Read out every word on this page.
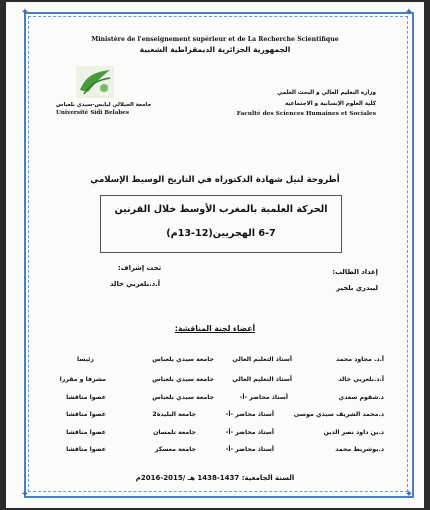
✦	✦
✦	✦
Ministère de l'enseignement supérieur et de La Recherche Scientifique
الجمهورية الجزائرية الديمقراطية الشعبية
جامعة الجيلالي ليابس-سيدي بلعباس
Université Sidi Belabes
وزارة التعليم العالي و البحث العلمي
كلية العلوم الإنسانية و الاجتماعية
Faculté des Sciences Humaines et Sociales
أطروحة لنيل شهادة الدكتوراه في التاريخ الوسيط الإسلامي
الحركة العلمية بالمغرب الأوسط خلال القرنين
6-7 الهجريين(12-13م)
إعداد الطالب:
ليبدري بلخير
تحت إشراف:
أ.د.بلعربي خالد
أعضاء لجنة المناقشة:
أ.د. مجاود محمد
أستاذ التعليم العالي
جامعة سيدي بلعباس
رئيسا
أ.د.بلعربي خالد
أستاذ التعليم العالي
جامعة سيدي بلعباس
مشرفا و مقررا
د.شقوم سعدي
أستاذ محاضر -أ-
جامعة سيدي بلعباس
عضوا مناقشا
د.محمد الشريف سيدي موسى
أستاذ محاضر -أ-
جامعة البليدة2
عضوا مناقشا
د.بن داود نصر الدين
أستاذ محاضر -أ-
جامعة تلمسان
عضوا مناقشا
د.بوشريط محمد
أستاذ محاضر -أ-
جامعة معسكر
عضوا مناقشا
السنة الجامعية: 1437-1438 هـ /2015-2016م
